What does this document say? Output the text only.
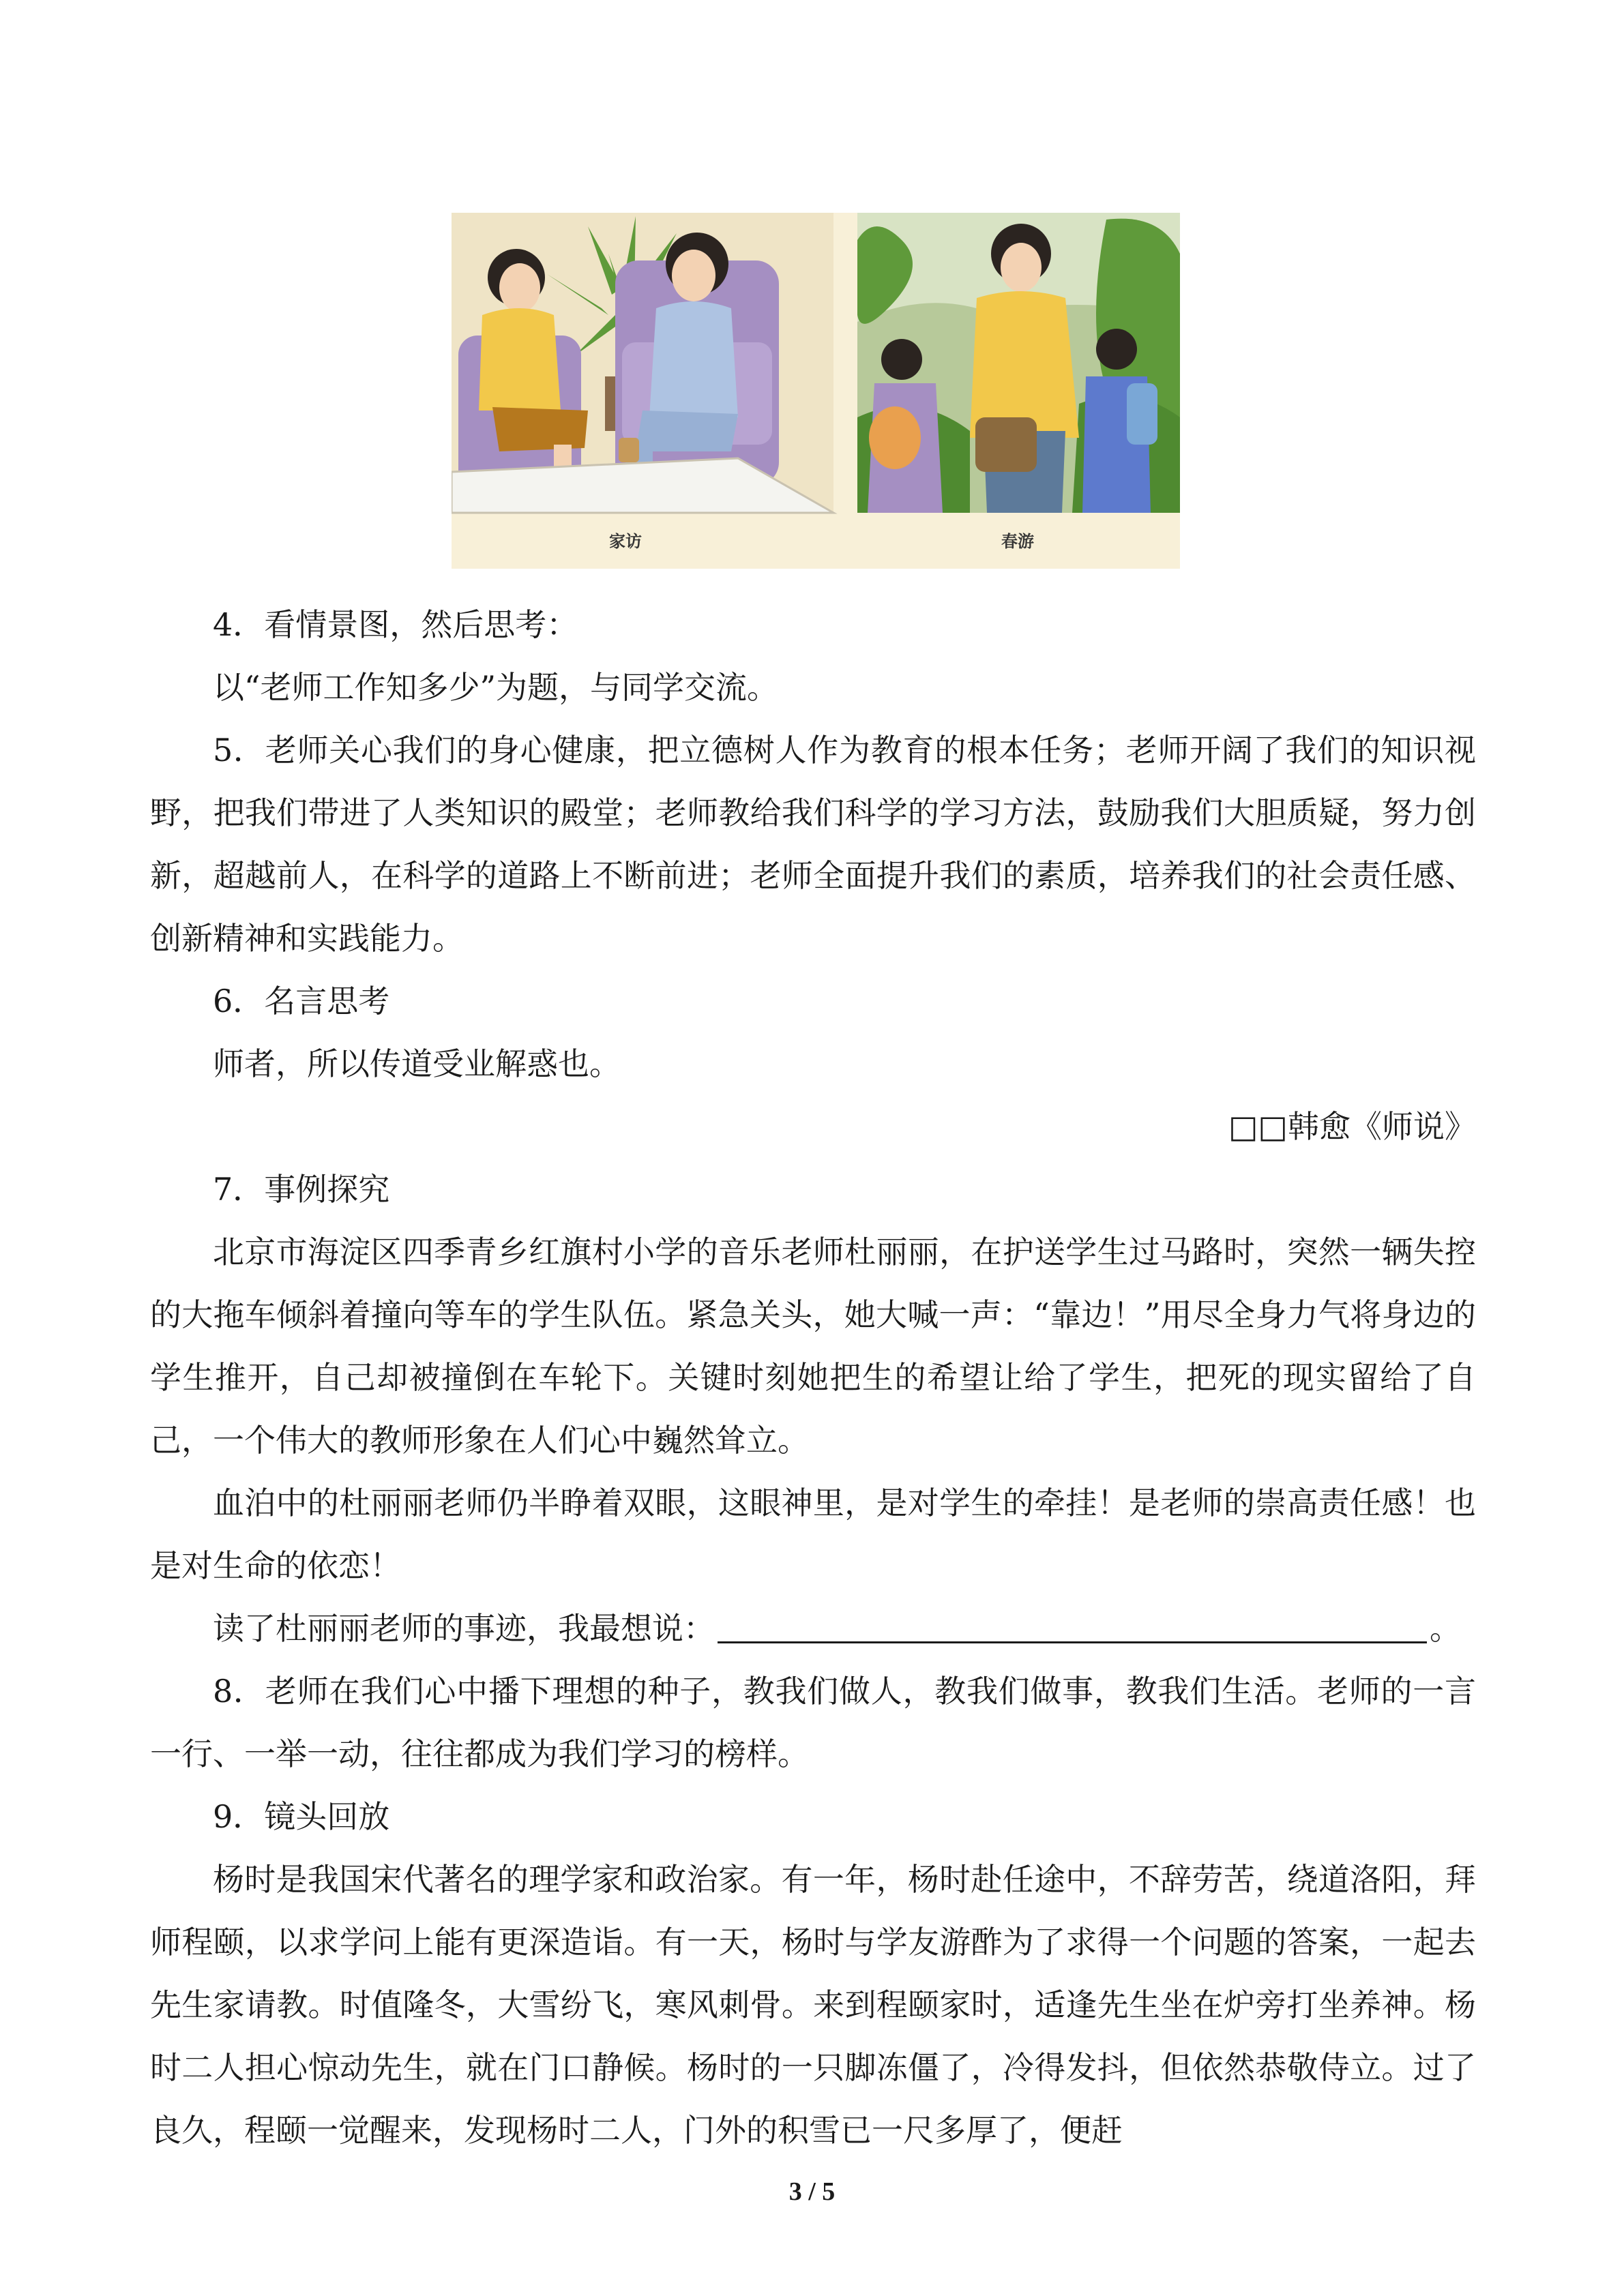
家访	春游

4．看情景图，然后思考：

以“老师工作知多少”为题，与同学交流。

5．老师关心我们的身心健康，把立德树人作为教育的根本任务；老师开阔了我们的知识视野，把我们带进了人类知识的殿堂；老师教给我们科学的学习方法，鼓励我们大胆质疑，努力创新，超越前人，在科学的道路上不断前进；老师全面提升我们的素质，培养我们的社会责任感、创新精神和实践能力。

6．名言思考

师者，所以传道受业解惑也。

□□韩愈《师说》

7．事例探究

北京市海淀区四季青乡红旗村小学的音乐老师杜丽丽，在护送学生过马路时，突然一辆失控的大拖车倾斜着撞向等车的学生队伍。紧急关头，她大喊一声：“靠边！”用尽全身力气将身边的学生推开，自己却被撞倒在车轮下。关键时刻她把生的希望让给了学生，把死的现实留给了自己，一个伟大的教师形象在人们心中巍然耸立。

血泊中的杜丽丽老师仍半睁着双眼，这眼神里，是对学生的牵挂！是老师的崇高责任感！也是对生命的依恋！

读了杜丽丽老师的事迹，我最想说：	。

8．老师在我们心中播下理想的种子，教我们做人，教我们做事，教我们生活。老师的一言一行、一举一动，往往都成为我们学习的榜样。

9．镜头回放

杨时是我国宋代著名的理学家和政治家。有一年，杨时赴任途中，不辞劳苦，绕道洛阳，拜师程颐，以求学问上能有更深造诣。有一天，杨时与学友游酢为了求得一个问题的答案，一起去先生家请教。时值隆冬，大雪纷飞，寒风刺骨。来到程颐家时，适逢先生坐在炉旁打坐养神。杨时二人担心惊动先生，就在门口静候。杨时的一只脚冻僵了，冷得发抖，但依然恭敬侍立。过了良久，程颐一觉醒来，发现杨时二人，门外的积雪已一尺多厚了，便赶

3 / 5
